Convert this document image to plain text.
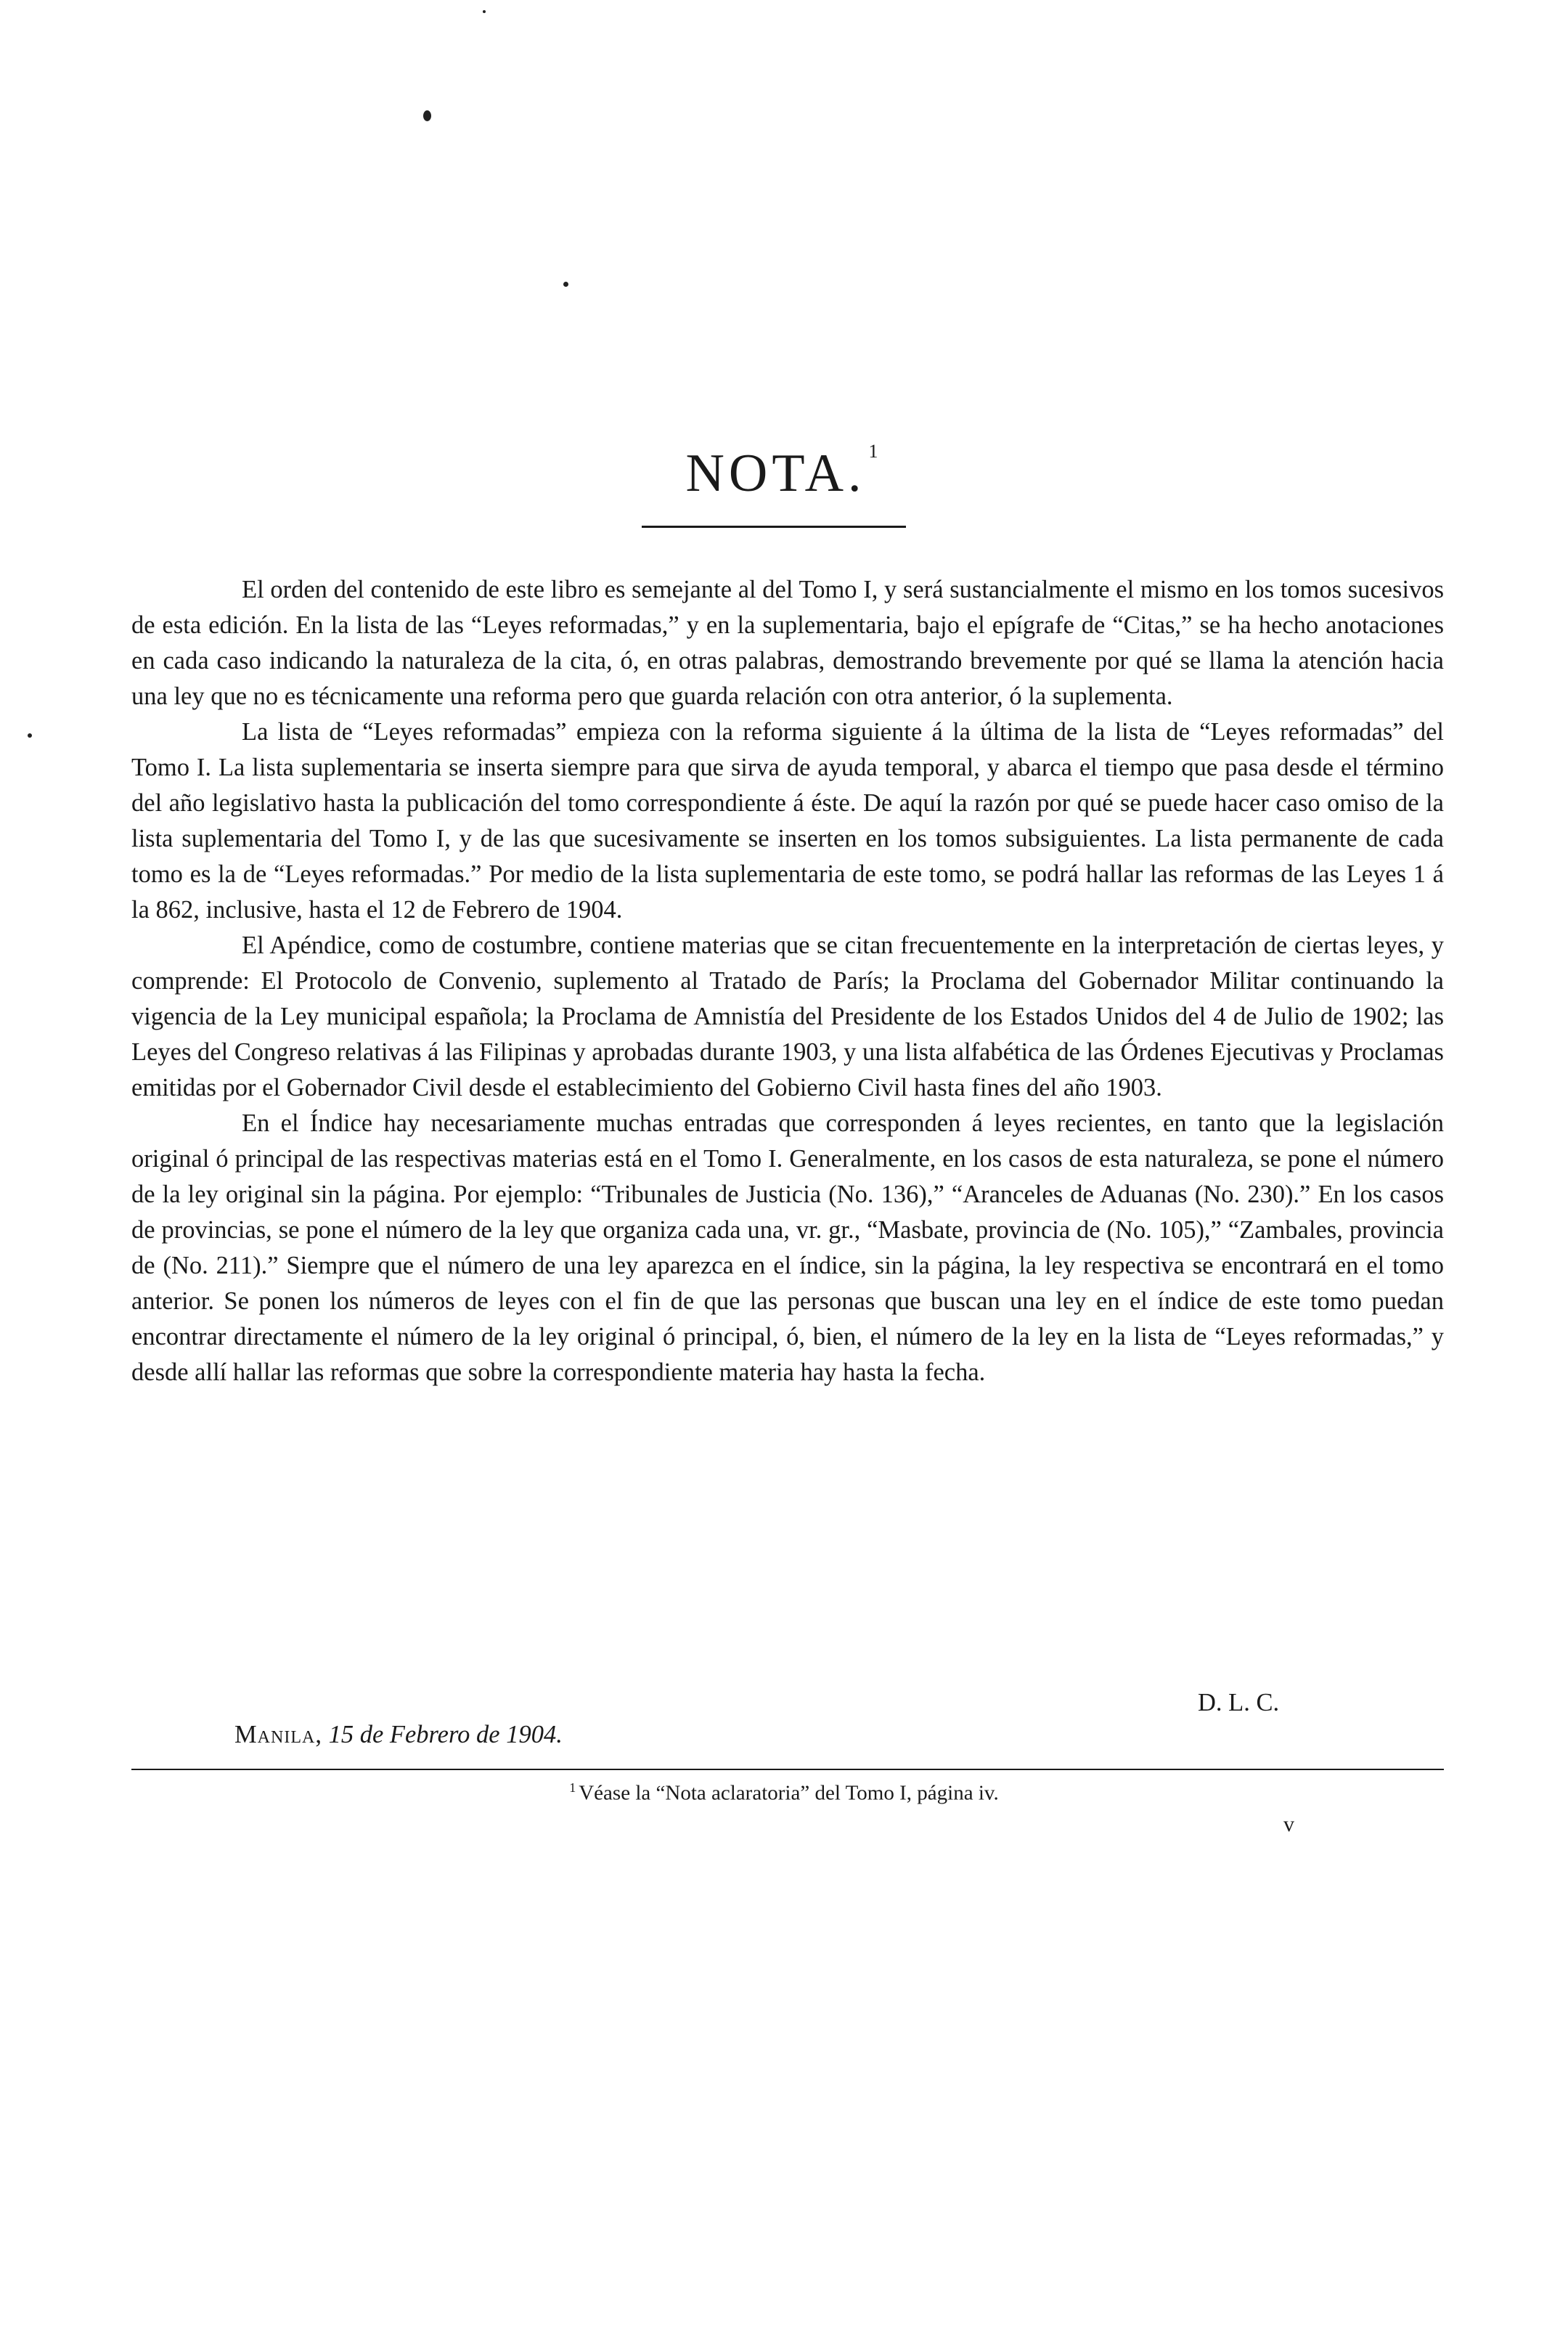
NOTA. $^1$

El orden del contenido de este libro es semejante al del Tomo I, y será sustancialmente el mismo en los tomos sucesivos de esta edición. En la lista de las “Leyes reformadas,” y en la suplementaria, bajo el epígrafe de “Citas,” se ha hecho anotaciones en cada caso indicando la naturaleza de la cita, ó, en otras palabras, demostrando brevemente por qué se llama la atención hacia una ley que no es técnicamente una reforma pero que guarda relación con otra anterior, ó la suplementa.

La lista de “Leyes reformadas” empieza con la reforma siguiente á la última de la lista de “Leyes reformadas” del Tomo I. La lista suplementaria se inserta siempre para que sirva de ayuda temporal, y abarca el tiempo que pasa desde el término del año legislativo hasta la publicación del tomo correspondiente á éste. De aquí la razón por qué se puede hacer caso omiso de la lista suplementaria del Tomo I, y de las que sucesivamente se inserten en los tomos subsiguientes. La lista permanente de cada tomo es la de “Leyes reformadas.” Por medio de la lista suplementaria de este tomo, se podrá hallar las reformas de las Leyes 1 á la 862, inclusive, hasta el 12 de Febrero de 1904.

El Apéndice, como de costumbre, contiene materias que se citan frecuentemente en la interpretación de ciertas leyes, y comprende: El Protocolo de Convenio, suplemento al Tratado de París; la Proclama del Gobernador Militar continuando la vigencia de la Ley municipal española; la Proclama de Amnistía del Presidente de los Estados Unidos del 4 de Julio de 1902; las Leyes del Congreso relativas á las Filipinas y aprobadas durante 1903, y una lista alfabética de las Órdenes Ejecutivas y Proclamas emitidas por el Gobernador Civil desde el establecimiento del Gobierno Civil hasta fines del año 1903.

En el Índice hay necesariamente muchas entradas que corresponden á leyes recientes, en tanto que la legislación original ó principal de las respectivas materias está en el Tomo I. Generalmente, en los casos de esta naturaleza, se pone el número de la ley original sin la página. Por ejemplo: “Tribunales de Justicia (No. 136),” “Aranceles de Aduanas (No. 230).” En los casos de provincias, se pone el número de la ley que organiza cada una, vr. gr., “Masbate, provincia de (No. 105),” “Zambales, provincia de (No. 211).” Siempre que el número de una ley aparezca en el índice, sin la página, la ley respectiva se encontrará en el tomo anterior. Se ponen los números de leyes con el fin de que las personas que buscan una ley en el índice de este tomo puedan encontrar directamente el número de la ley original ó principal, ó, bien, el número de la ley en la lista de “Leyes reformadas,” y desde allí hallar las reformas que sobre la correspondiente materia hay hasta la fecha.

D. L. C.
Manila, 15 de Febrero de 1904.
$^1$ Véase la “Nota aclaratoria” del Tomo I, página iv.
v
